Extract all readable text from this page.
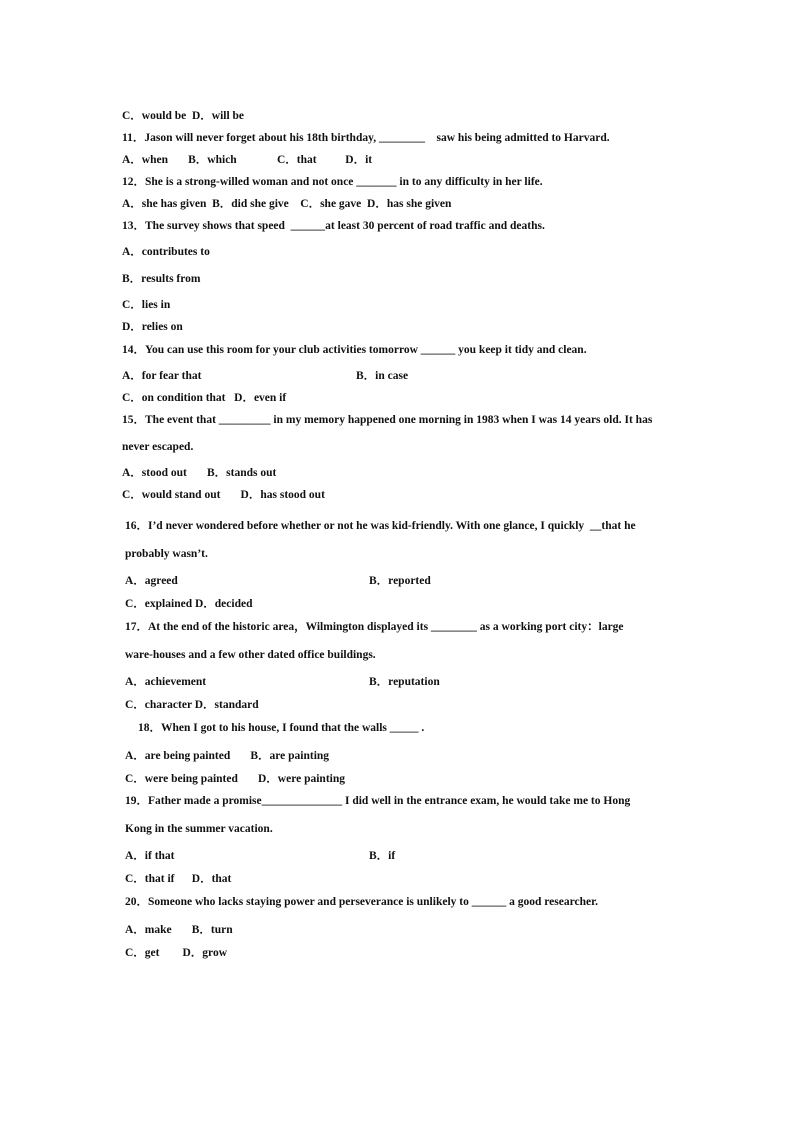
C．would be  D．will be
11．Jason will never forget about his 18th birthday, ________    saw his being admitted to Harvard.
A．when       B．which              C．that          D．it
12．She is a strong-willed woman and not once _______ in to any difficulty in her life.
A．she has given  B．did she give    C．she gave  D．has she given
13．The survey shows that speed  ______at least 30 percent of road traffic and deaths.
A．contributes to
B．results from
C．lies in
D．relies on
14．You can use this room for your club activities tomorrow ______ you keep it tidy and clean.
A．for fear that	B．in case
C．on condition that   D．even if
15．The event that _________ in my memory happened one morning in 1983 when I was 14 years old. It has
never escaped.
A．stood out       B．stands out
C．would stand out       D．has stood out
16．I’d never wondered before whether or not he was kid-friendly. With one glance, I quickly  __that he
probably wasn’t.
A．agreed	B．reported
C．explained D．decided
17．At the end of the historic area，Wilmington displayed its ________ as a working port city：large
ware-houses and a few other dated office buildings.
A．achievement	B．reputation
C．character D．standard
18．When I got to his house, I found that the walls _____ .
A．are being painted       B．are painting
C．were being painted       D．were painting
19．Father made a promise______________ I did well in the entrance exam, he would take me to Hong
Kong in the summer vacation.
A．if that	B．if
C．that if      D．that
20．Someone who lacks staying power and perseverance is unlikely to ______ a good researcher.
A．make       B．turn
C．get        D．grow
